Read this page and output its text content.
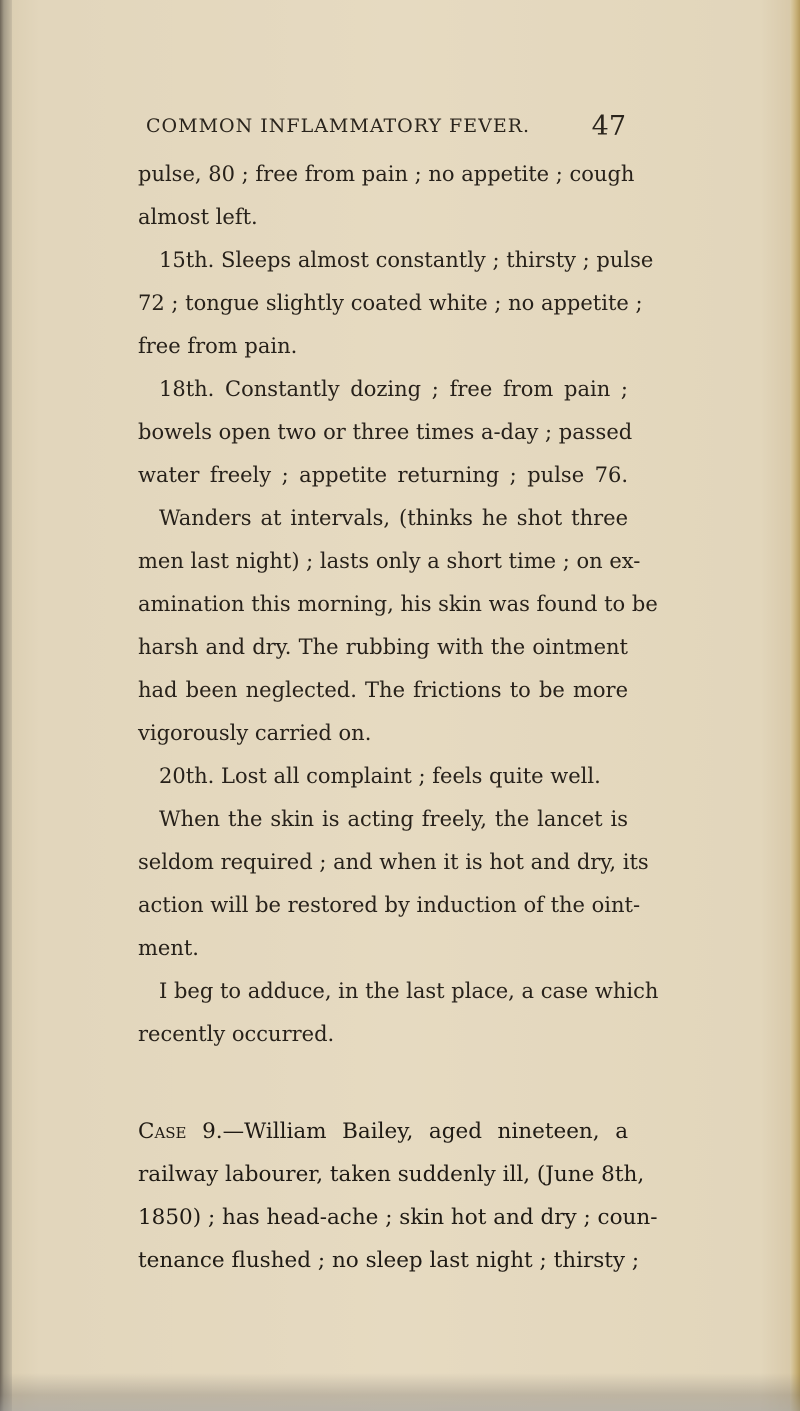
COMMON INFLAMMATORY FEVER. 47
pulse, 80 ; free from pain ; no appetite ; cough
almost left.
15th. Sleeps almost constantly ; thirsty ; pulse
72 ; tongue slightly coated white ; no appetite ;
free from pain.
18th. Constantly dozing ; free from pain ;
bowels open two or three times a-day ; passed
water freely ; appetite returning ; pulse 76.
Wanders at intervals, (thinks he shot three
men last night) ; lasts only a short time ; on ex-
amination this morning, his skin was found to be
harsh and dry. The rubbing with the ointment
had been neglected. The frictions to be more
vigorously carried on.
20th. Lost all complaint ; feels quite well.
When the skin is acting freely, the lancet is
seldom required ; and when it is hot and dry, its
action will be restored by induction of the oint-
ment.
I beg to adduce, in the last place, a case which
recently occurred.
Case 9.—William Bailey, aged nineteen, a
railway labourer, taken suddenly ill, (June 8th,
1850) ; has head-ache ; skin hot and dry ; coun-
tenance flushed ; no sleep last night ; thirsty ;
